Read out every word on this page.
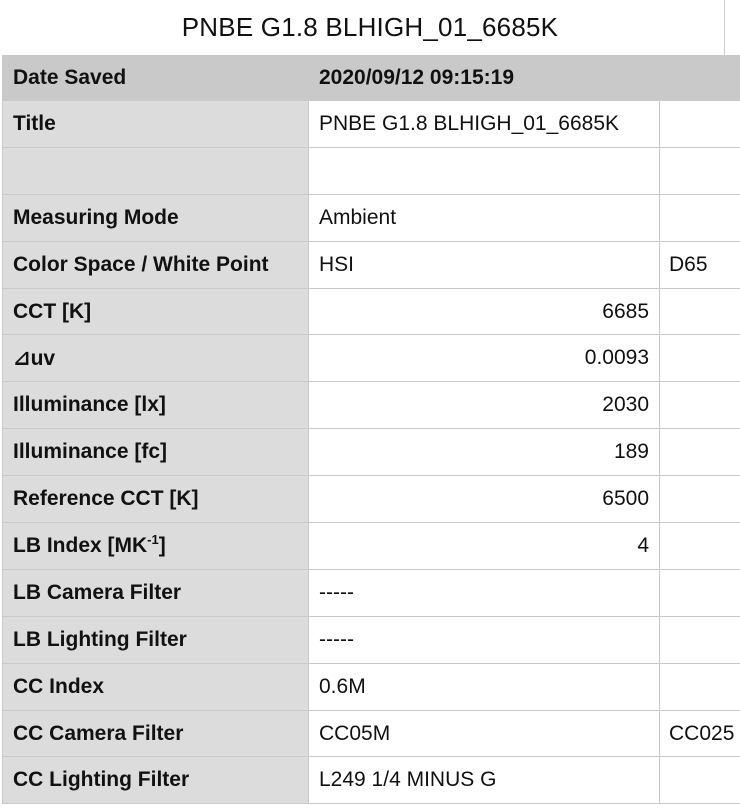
PNBE G1.8 BLHIGH_01_6685K
Date Saved	2020/09/12 09:15:19	
Title	PNBE G1.8 BLHIGH_01_6685K	

Measuring Mode	Ambient	
Color Space / White Point	HSI	D65
CCT [K]	6685	
⊿uv	0.0093	
Illuminance [lx]	2030	
Illuminance [fc]	189	
Reference CCT [K]	6500	
LB Index $[MK^{-1}]$	4	
LB Camera Filter	-----	
LB Lighting Filter	-----	
CC Index	0.6M	
CC Camera Filter	CC05M	CC025
CC Lighting Filter	L249 1/4 MINUS G	
